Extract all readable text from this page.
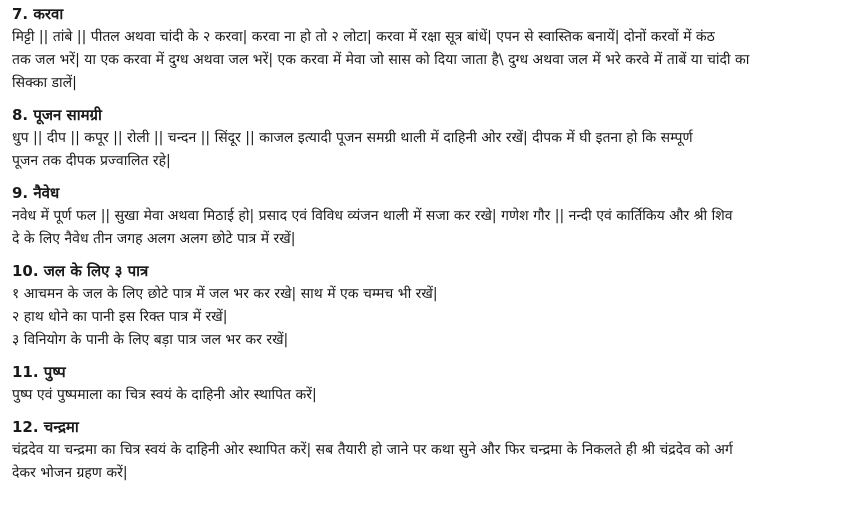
7. करवा

मिट्टी || तांबे || पीतल अथवा चांदी के २ करवा| करवा ना हो तो २ लोटा| करवा में रक्षा सूत्र बांधें| एपन से स्वास्तिक बनायें| दोनों करवों में कंठ

तक जल भरें| या एक करवा में दुग्ध अथवा जल भरें| एक करवा में मेवा जो सास को दिया जाता है\ दुग्ध अथवा जल में भरे करवे में ताबें या चांदी का

सिक्का डालें|

8. पूजन सामग्री

धुप || दीप || कपूर || रोली || चन्दन || सिंदूर || काजल इत्यादी पूजन समग्री थाली में दाहिनी ओर रखें| दीपक में घी इतना हो कि सम्पूर्ण

पूजन तक दीपक प्रज्वालित रहे|

9. नैवेध

नवेध में पूर्ण फल || सुखा मेवा अथवा मिठाई हो| प्रसाद एवं विविध व्यंजन थाली में सजा कर रखे| गणेश गौर || नन्दी एवं कार्तिकिय और श्री शिव

दे के लिए नैवेध तीन जगह अलग अलग छोटे पात्र में रखें|

10. जल के लिए ३ पात्र

१ आचमन के जल के लिए छोटे पात्र में जल भर कर रखे| साथ में एक चम्मच भी रखें|

२ हाथ धोने का पानी इस रिक्त पात्र में रखें|

३ विनियोग के पानी के लिए बड़ा पात्र जल भर कर रखें|

11. पुष्प

पुष्प एवं पुष्पमाला का चित्र स्वयं के दाहिनी ओर स्थापित करें|

12. चन्द्रमा

चंद्रदेव या चन्द्रमा का चित्र स्वयं के दाहिनी ओर स्थापित करें| सब तैयारी हो जाने पर कथा सुने और फिर चन्द्रमा के निकलते ही श्री चंद्रदेव को अर्ग

देकर भोजन ग्रहण करें|
